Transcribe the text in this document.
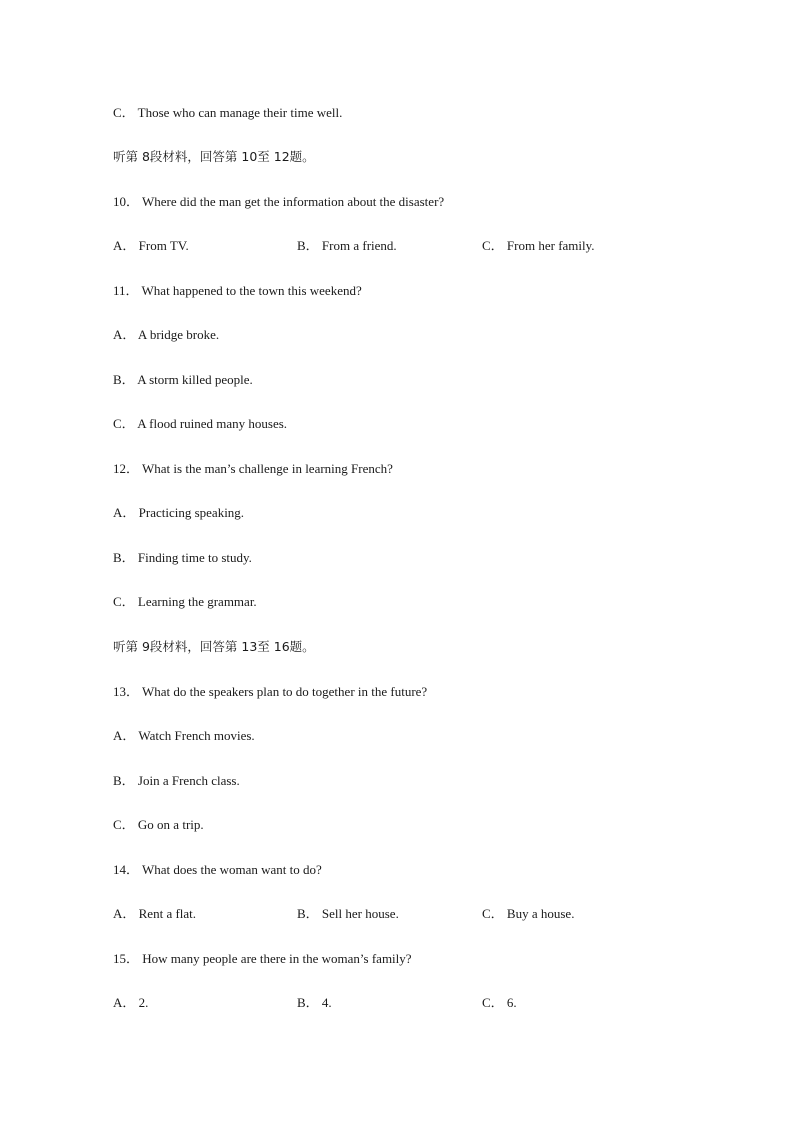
C． Those who can manage their time well.
听第 8段材料，回答第 10至 12题。
10． Where did the man get the information about the disaster?
A． From TV.	B． From a friend.	C． From her family.
11． What happened to the town this weekend?
A． A bridge broke.
B． A storm killed people.
C． A flood ruined many houses.
12． What is the man’s challenge in learning French?
A． Practicing speaking.
B． Finding time to study.
C． Learning the grammar.
听第 9段材料，回答第 13至 16题。
13． What do the speakers plan to do together in the future?
A． Watch French movies.
B． Join a French class.
C． Go on a trip.
14． What does the woman want to do?
A． Rent a flat.	B． Sell her house.	C． Buy a house.
15． How many people are there in the woman’s family?
A． 2.	B． 4.	C． 6.
